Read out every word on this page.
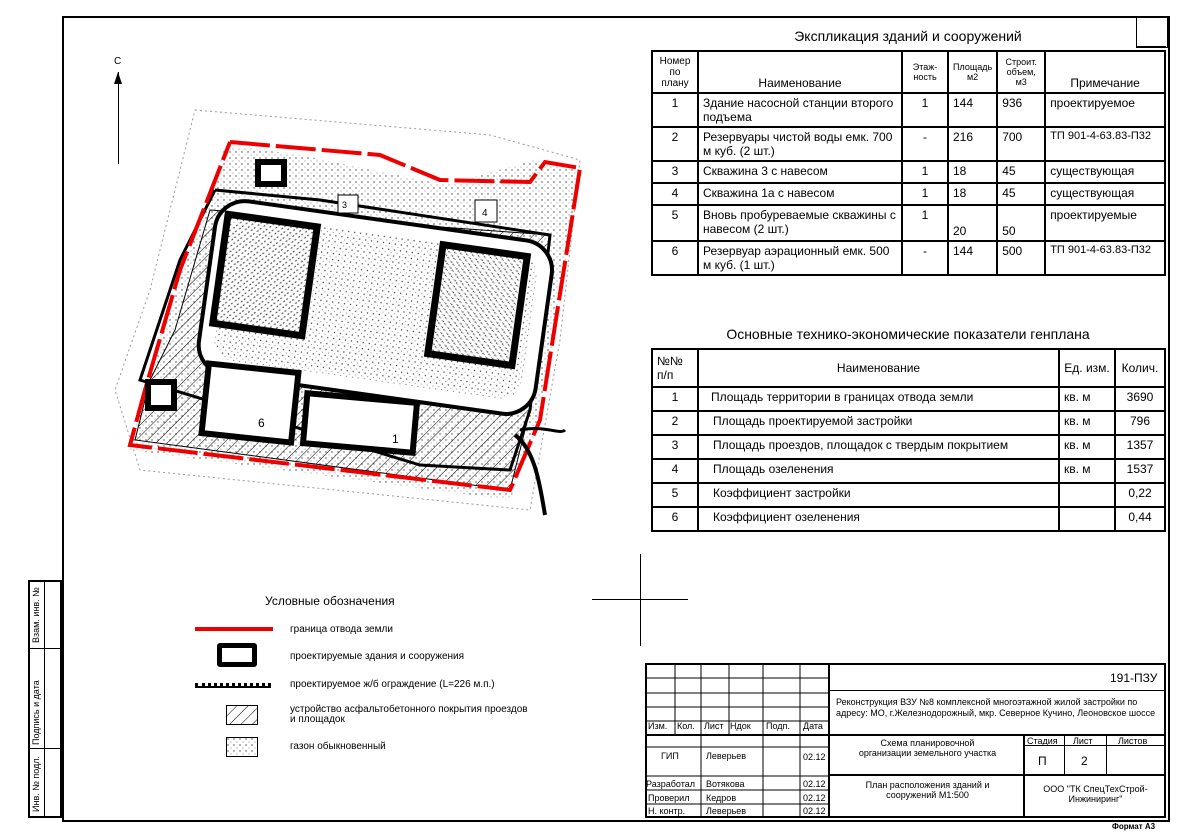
Взам. инв. №
Подпись и дата
Инв. № подл.
С
1
6
3
4
Экспликация зданий и сооружений
Номер по плану	Наименование	Этаж-ность	Площадь м2	Строит. объем, м3	Примечание
1	Здание насосной станции второго подъема	1	144	936	проектируемое
2	Резервуары чистой воды емк. 700 м куб. (2 шт.)	-	216	700	ТП 901-4-63.83-П32
3	Скважина 3 с навесом	1	18	45	существующая
4	Скважина 1а с навесом	1	18	45	существующая
5	Вновь пробуреваемые скважины с навесом (2 шт.)	1	20	50	проектируемые
6	Резервуар аэрационный емк. 500 м куб. (1 шт.)	-	144	500	ТП 901-4-63.83-П32
Основные технико-экономические показатели генплана
№№ п/п	Наименование	Ед. изм.	Колич.
1	Площадь территории в границах отвода земли	кв. м	3690
2	Площадь проектируемой застройки	кв. м	796
3	Площадь проездов, площадок с твердым покрытием	кв. м	1357
4	Площадь озеленения	кв. м	1537
5	Коэффициент застройки		0,22
6	Коэффициент озеленения		0,44
Условные обозначения
граница отвода земли
проектируемые здания и сооружения
проектируемое ж/б ограждение (L=226 м.п.)
устройство асфальтобетонного покрытия проездов и площадок
газон обыкновенный
191-ПЗУ
Реконструкция ВЗУ №8 комплексной многоэтажной жилой застройки по адресу: МО, г.Железнодорожный, мкр. Северное Кучино, Леоновское шоссе
Изм. Кол. Лист Ндок Подп. Дата
ГИП	Леверьев	02.12
Разработал Вотякова	02.12
Проверил Кедров	02.12
Н. контр. Леверьев	02.12
Схема планировочной организации земельного участка
План расположения зданий и сооружений М1:500
Стадия Лист	Листов
П	2
ООО "ТК СпецТехСтрой-Инжиниринг"
Формат А3
